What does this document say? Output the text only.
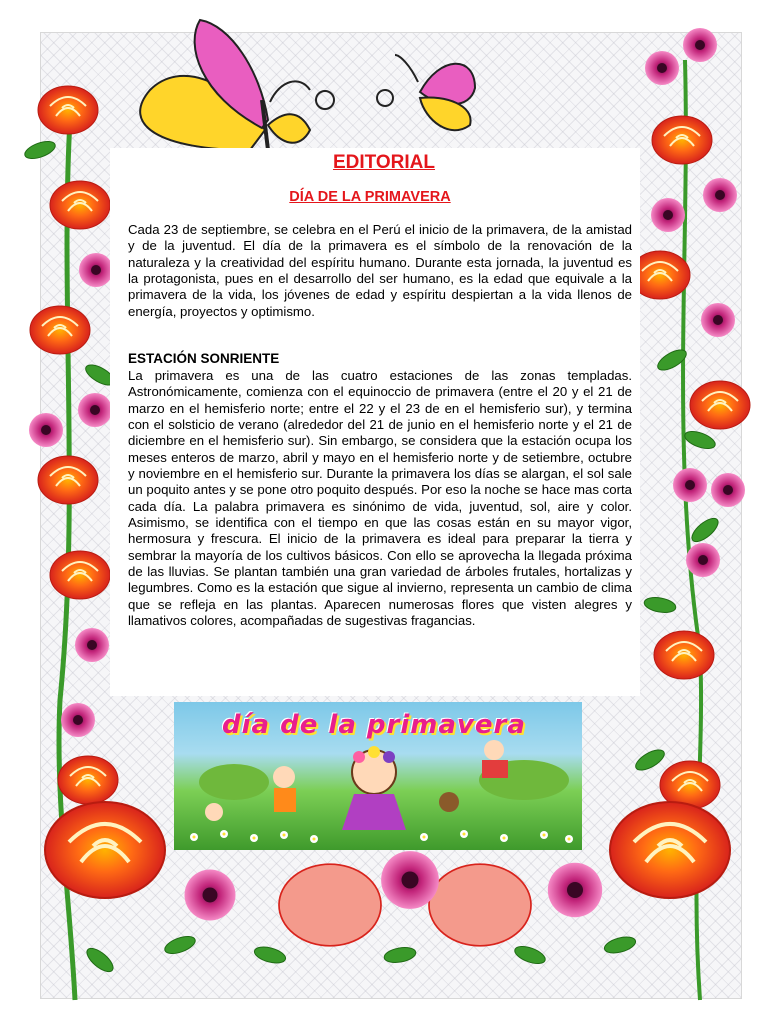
EDITORIAL
DÍA DE LA PRIMAVERA
Cada 23 de septiembre, se celebra en el Perú el inicio de la primavera, de la amistad y de la juventud. El día de la primavera es el símbolo de la renovación de la naturaleza y la creatividad del espíritu humano. Durante esta jornada, la juventud es la protagonista, pues en el desarrollo del ser humano, es la edad que equivale a la primavera de la vida, los jóvenes de edad y espíritu despiertan a la vida llenos de energía, proyectos y optimismo.
ESTACIÓN SONRIENTE
La primavera es una de las cuatro estaciones de las zonas templadas. Astronómicamente, comienza con el equinoccio de primavera (entre el 20 y el 21 de marzo en el hemisferio norte; entre el 22 y el 23 de en el hemisferio sur), y termina con el solsticio de verano (alrededor del 21 de junio en el hemisferio norte y el 21 de diciembre en el hemisferio sur). Sin embargo, se considera que la estación ocupa los meses enteros de marzo, abril y mayo en el hemisferio norte y de setiembre, octubre y noviembre en el hemisferio sur. Durante la primavera los días se alargan, el sol sale un poquito antes y se pone otro poquito después. Por eso la noche se hace mas corta cada día. La palabra primavera es sinónimo de vida, juventud, sol, aire y color. Asimismo, se identifica con el tiempo en que las cosas están en su mayor vigor, hermosura y frescura. El inicio de la primavera es ideal para preparar la tierra y sembrar la mayoría de los cultivos básicos. Con ello se aprovecha la llegada próxima de las lluvias. Se plantan también una gran variedad de árboles frutales, hortalizas y legumbres. Como es la estación que sigue al invierno, representa un cambio de clima que se refleja en las plantas. Aparecen numerosas flores que visten alegres y llamativos colores, acompañadas de sugestivas fragancias.
día de la primavera
